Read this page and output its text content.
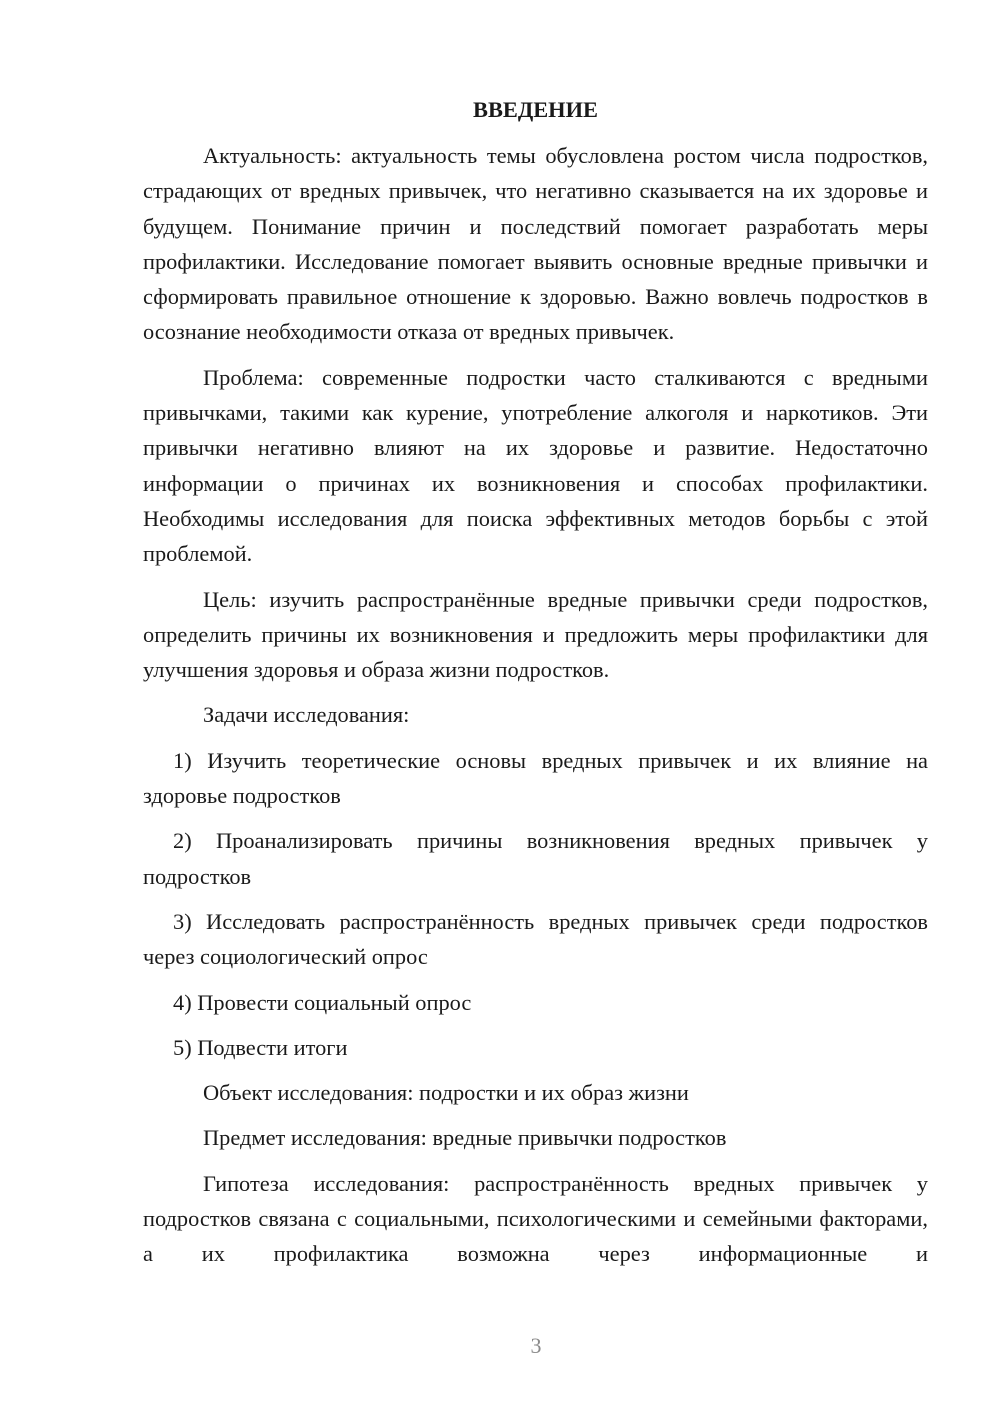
ВВЕДЕНИЕ
Актуальность: актуальность темы обусловлена ростом числа подростков, страдающих от вредных привычек, что негативно сказывается на их здоровье и будущем. Понимание причин и последствий помогает разработать меры профилактики. Исследование помогает выявить основные вредные привычки и сформировать правильное отношение к здоровью. Важно вовлечь подростков в осознание необходимости отказа от вредных привычек.
Проблема: современные подростки часто сталкиваются с вредными привычками, такими как курение, употребление алкоголя и наркотиков. Эти привычки негативно влияют на их здоровье и развитие. Недостаточно информации о причинах их возникновения и способах профилактики. Необходимы исследования для поиска эффективных методов борьбы с этой проблемой.
Цель: изучить распространённые вредные привычки среди подростков, определить причины их возникновения и предложить меры профилактики для улучшения здоровья и образа жизни подростков.
Задачи исследования:
1) Изучить теоретические основы вредных привычек и их влияние на здоровье подростков
2) Проанализировать причины возникновения вредных привычек у подростков
3) Исследовать распространённость вредных привычек среди подростков через социологический опрос
4) Провести социальный опрос
5) Подвести итоги
Объект исследования: подростки и их образ жизни
Предмет исследования: вредные привычки подростков
Гипотеза исследования: распространённость вредных привычек у подростков связана с социальными, психологическими и семейными факторами, а их профилактика возможна через информационные и
3
